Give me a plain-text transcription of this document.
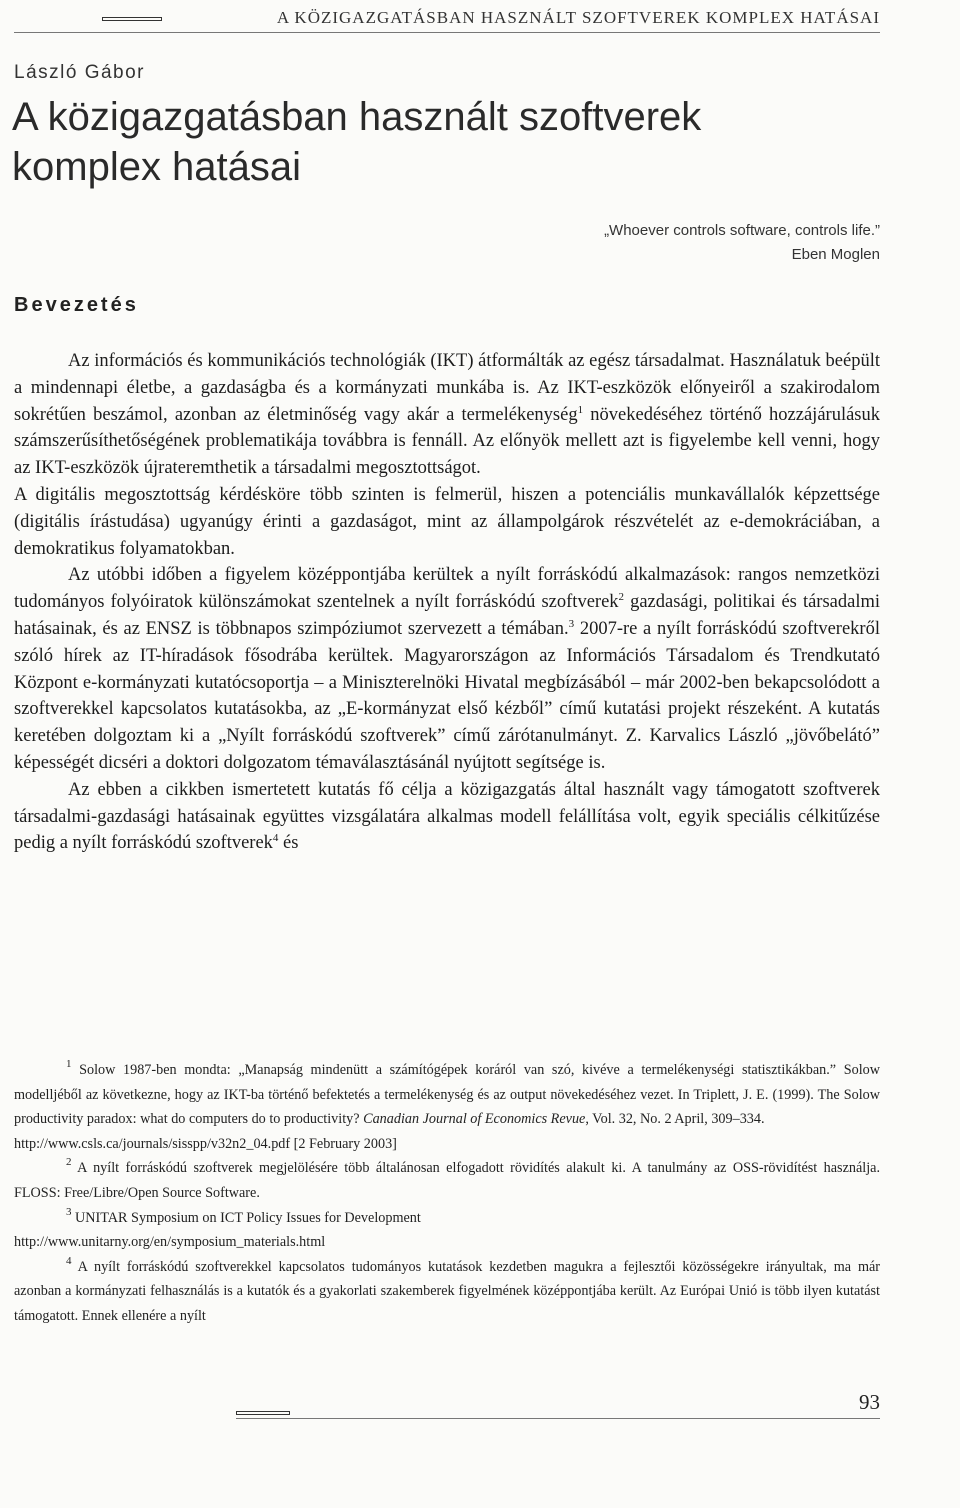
A KÖZIGAZGATÁSBAN HASZNÁLT SZOFTVEREK KOMPLEX HATÁSAI
László Gábor
A közigazgatásban használt szoftverek
komplex hatásai
„Whoever controls software, controls life.”
Eben Moglen
Bevezetés

Az információs és kommunikációs technológiák (IKT) átformálták az egész társadalmat. Használatuk beépült a mindennapi életbe, a gazdaságba és a kormányzati munkába is. Az IKT-eszközök előnyeiről a szakirodalom sokrétűen beszámol, azonban az életminőség vagy akár a termelékenység$^1$ növekedéséhez történő hozzájárulásuk számszerűsíthetőségének problematikája továbbra is fennáll. Az előnyök mellett azt is figyelembe kell venni, hogy az IKT-eszközök újrateremthetik a társadalmi megosztottságot.

A digitális megosztottság kérdésköre több szinten is felmerül, hiszen a potenciális munkavállalók képzettsége (digitális írástudása) ugyanúgy érinti a gazdaságot, mint az állampolgárok részvételét az e-demokráciában, a demokratikus folyamatokban.

Az utóbbi időben a figyelem középpontjába kerültek a nyílt forráskódú alkalmazások: rangos nemzetközi tudományos folyóiratok különszámokat szentelnek a nyílt forráskódú szoftverek$^2$ gazdasági, politikai és társadalmi hatásainak, és az ENSZ is többnapos szimpóziumot szervezett a témában.$^3$ 2007-re a nyílt forráskódú szoftverekről szóló hírek az IT-híradások fősodrába kerültek. Magyarországon az Információs Társadalom és Trendkutató Központ e-kormányzati kutatócsoportja – a Miniszterelnöki Hivatal megbízásából – már 2002-ben bekapcsolódott a szoftverekkel kapcsolatos kutatásokba, az „E-kormányzat első kézből” című kutatási projekt részeként. A kutatás keretében dolgoztam ki a „Nyílt forráskódú szoftverek” című zárótanulmányt. Z. Karvalics László „jövőbelátó” képességét dicséri a doktori dolgozatom témaválasztásánál nyújtott segítsége is.

Az ebben a cikkben ismertetett kutatás fő célja a közigazgatás által használt vagy támogatott szoftverek társadalmi-gazdasági hatásainak együttes vizsgálatára alkalmas modell felállítása volt, egyik speciális célkitűzése pedig a nyílt forráskódú szoftverek$^4$ és

$^1$ Solow 1987-ben mondta: „Manapság mindenütt a számítógépek koráról van szó, kivéve a termelékenységi statisztikákban.” Solow modelljéből az következne, hogy az IKT-ba történő befektetés a termelékenység és az output növekedéséhez vezet. In Triplett, J. E. (1999). The Solow productivity paradox: what do computers do to productivity? Canadian Journal of Economics Revue, Vol. 32, No. 2 April, 309–334.
http://www.csls.ca/journals/sisspp/v32n2_04.pdf [2 February 2003]

$^2$ A nyílt forráskódú szoftverek megjelölésére több általánosan elfogadott rövidítés alakult ki. A tanulmány az OSS-rövidítést használja. FLOSS: Free/Libre/Open Source Software.

$^3$ UNITAR Symposium on ICT Policy Issues for Development
http://www.unitarny.org/en/symposium_materials.html

$^4$ A nyílt forráskódú szoftverekkel kapcsolatos tudományos kutatások kezdetben magukra a fejlesztői közösségekre irányultak, ma már azonban a kormányzati felhasználás is a kutatók és a gyakorlati szakemberek figyelmének középpontjába került. Az Európai Unió is több ilyen kutatást támogatott. Ennek ellenére a nyílt

93
